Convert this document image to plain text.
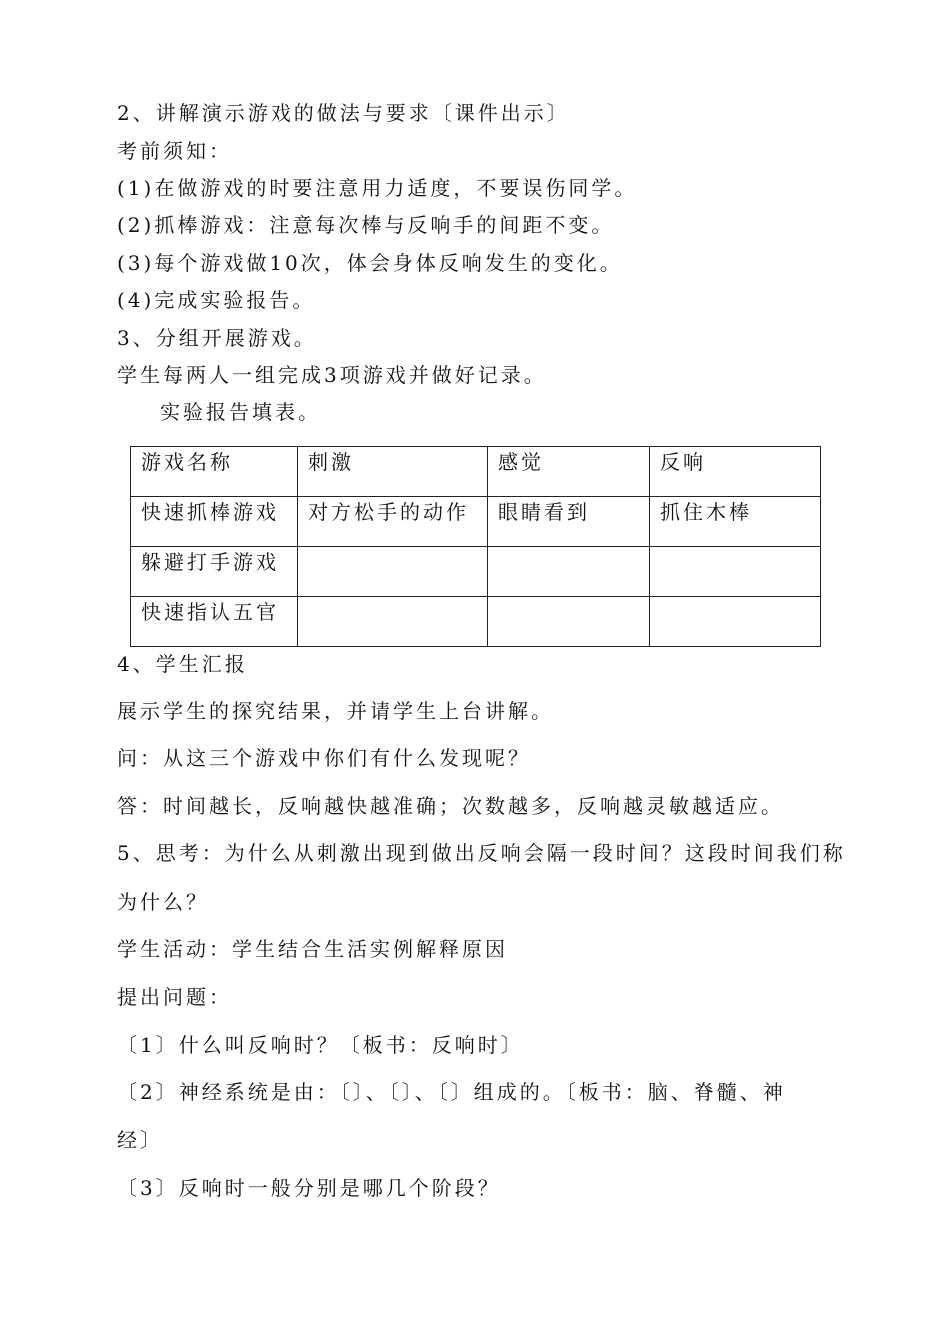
2、讲解演示游戏的做法与要求〔课件出示〕
考前须知：
(1)在做游戏的时要注意用力适度，不要误伤同学。
(2)抓棒游戏：注意每次棒与反响手的间距不变。
(3)每个游戏做10次，体会身体反响发生的变化。
(4)完成实验报告。
3、分组开展游戏。
学生每两人一组完成3项游戏并做好记录。
实验报告填表。
游戏名称	刺激	感觉	反响
快速抓棒游戏	对方松手的动作	眼睛看到	抓住木棒
躲避打手游戏			
快速指认五官			
4、学生汇报
展示学生的探究结果，并请学生上台讲解。
问：从这三个游戏中你们有什么发现呢？
答：时间越长，反响越快越准确；次数越多，反响越灵敏越适应。
5、思考：为什么从刺激出现到做出反响会隔一段时间？这段时间我们称
为什么？
学生活动：学生结合生活实例解释原因
提出问题：
〔1〕什么叫反响时？〔板书：反响时〕
〔2〕神经系统是由：〔〕、〔〕、〔〕组成的。〔板书：脑、脊髓、神
经〕
〔3〕反响时一般分别是哪几个阶段？
